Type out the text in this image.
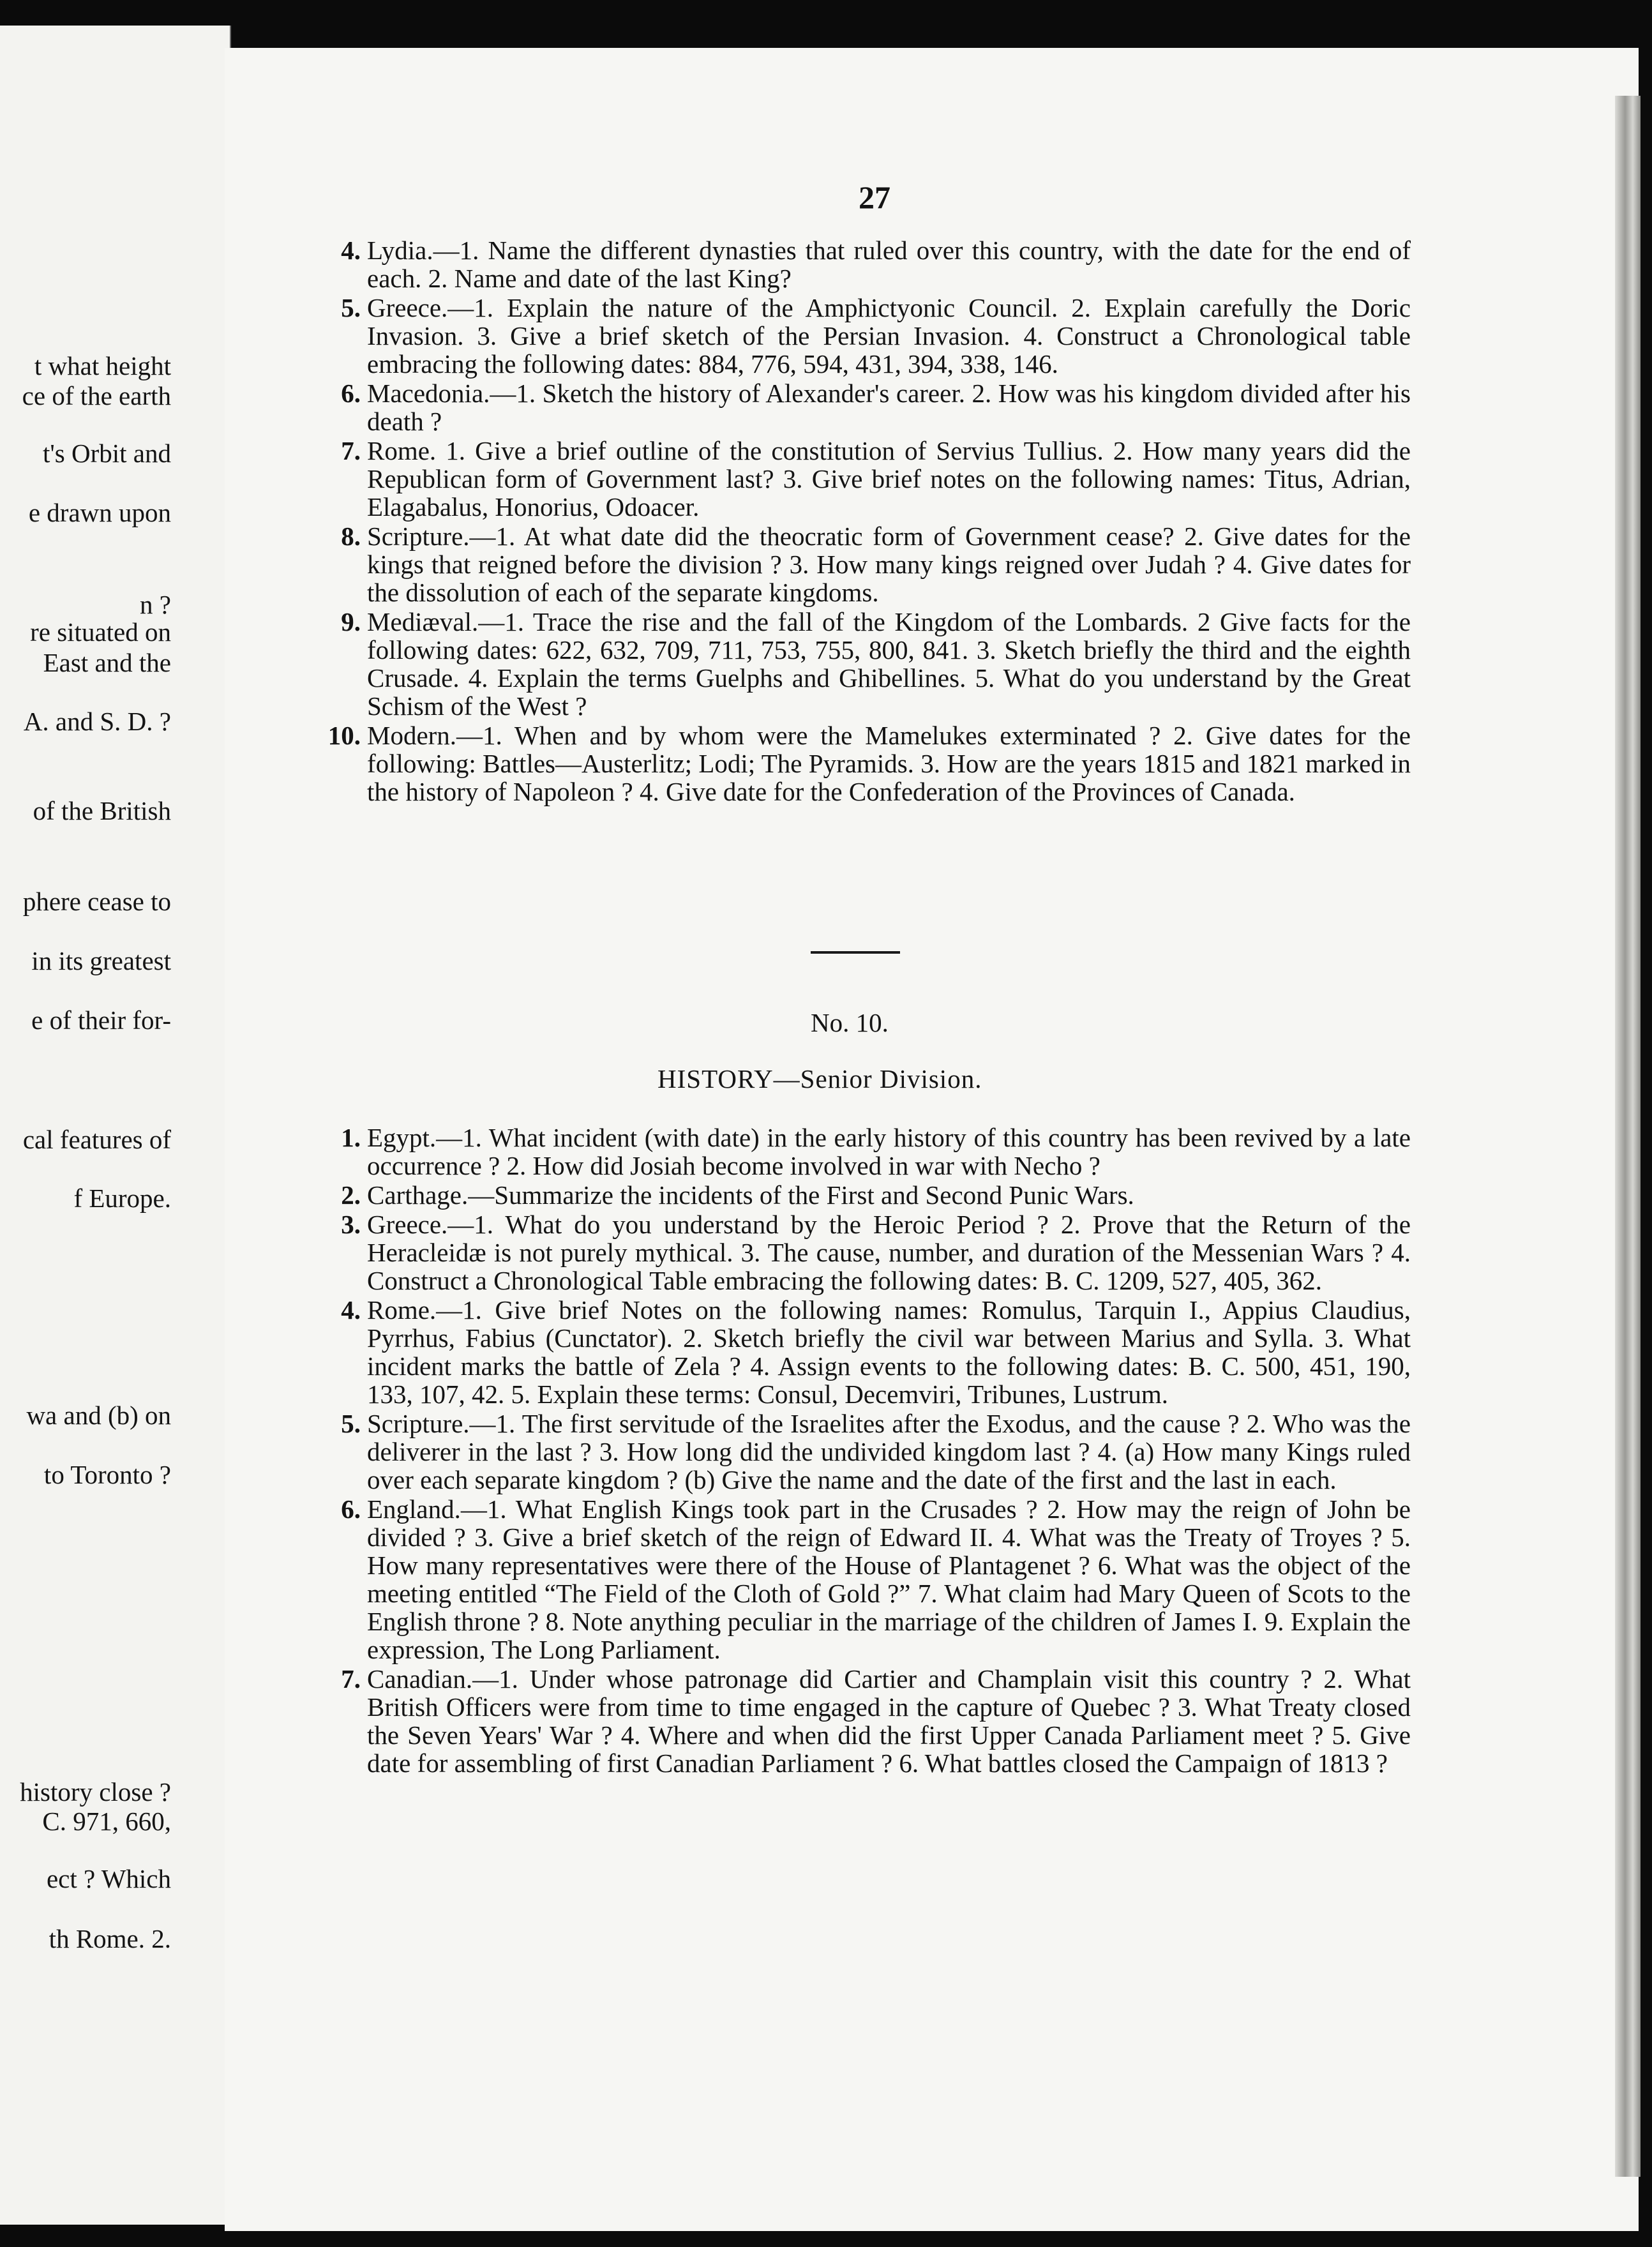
t what height
ce of the earth
t's Orbit and
e drawn upon
n ?
re situated on
East and the
A. and S. D. ?
of the British
phere cease to
in its greatest
e of their for-
cal features of
f Europe.
wa and (b) on
to Toronto ?
history close ?
C. 971, 660,
ect ? Which
th Rome. 2.
27
4. Lydia.—1. Name the different dynasties that ruled over this country, with the date for the end of each. 2. Name and date of the last King?
5. Greece.—1. Explain the nature of the Amphictyonic Council. 2. Explain carefully the Doric Invasion. 3. Give a brief sketch of the Persian Invasion. 4. Construct a Chronological table embracing the following dates: 884, 776, 594, 431, 394, 338, 146.
6. Macedonia.—1. Sketch the history of Alexander's career. 2. How was his kingdom divided after his death ?
7. Rome. 1. Give a brief outline of the constitution of Servius Tullius. 2. How many years did the Republican form of Government last? 3. Give brief notes on the following names: Titus, Adrian, Elagabalus, Honorius, Odoacer.
8. Scripture.—1. At what date did the theocratic form of Government cease? 2. Give dates for the kings that reigned before the division ? 3. How many kings reigned over Judah ? 4. Give dates for the dissolution of each of the separate kingdoms.
9. Mediæval.—1. Trace the rise and the fall of the Kingdom of the Lombards. 2 Give facts for the following dates: 622, 632, 709, 711, 753, 755, 800, 841. 3. Sketch briefly the third and the eighth Crusade. 4. Explain the terms Guelphs and Ghibellines. 5. What do you understand by the Great Schism of the West ?
10. Modern.—1. When and by whom were the Mamelukes exterminated ? 2. Give dates for the following: Battles—Austerlitz; Lodi; The Pyramids. 3. How are the years 1815 and 1821 marked in the history of Napoleon ? 4. Give date for the Confederation of the Provinces of Canada.
No. 10.
HISTORY—Senior Division.
1. Egypt.—1. What incident (with date) in the early history of this country has been revived by a late occurrence ? 2. How did Josiah become involved in war with Necho ?
2. Carthage.—Summarize the incidents of the First and Second Punic Wars.
3. Greece.—1. What do you understand by the Heroic Period ? 2. Prove that the Return of the Heracleidæ is not purely mythical. 3. The cause, number, and duration of the Messenian Wars ? 4. Construct a Chronological Table embracing the following dates: B. C. 1209, 527, 405, 362.
4. Rome.—1. Give brief Notes on the following names: Romulus, Tarquin I., Appius Claudius, Pyrrhus, Fabius (Cunctator). 2. Sketch briefly the civil war between Marius and Sylla. 3. What incident marks the battle of Zela ? 4. Assign events to the following dates: B. C. 500, 451, 190, 133, 107, 42. 5. Explain these terms: Consul, Decemviri, Tribunes, Lustrum.
5. Scripture.—1. The first servitude of the Israelites after the Exodus, and the cause ? 2. Who was the deliverer in the last ? 3. How long did the undivided kingdom last ? 4. (a) How many Kings ruled over each separate kingdom ? (b) Give the name and the date of the first and the last in each.
6. England.—1. What English Kings took part in the Crusades ? 2. How may the reign of John be divided ? 3. Give a brief sketch of the reign of Edward II. 4. What was the Treaty of Troyes ? 5. How many representatives were there of the House of Plantagenet ? 6. What was the object of the meeting entitled “The Field of the Cloth of Gold ?” 7. What claim had Mary Queen of Scots to the English throne ? 8. Note anything peculiar in the marriage of the children of James I. 9. Explain the expression, The Long Parliament.
7. Canadian.—1. Under whose patronage did Cartier and Champlain visit this country ? 2. What British Officers were from time to time engaged in the capture of Quebec ? 3. What Treaty closed the Seven Years' War ? 4. Where and when did the first Upper Canada Parliament meet ? 5. Give date for assembling of first Canadian Parliament ? 6. What battles closed the Campaign of 1813 ?
